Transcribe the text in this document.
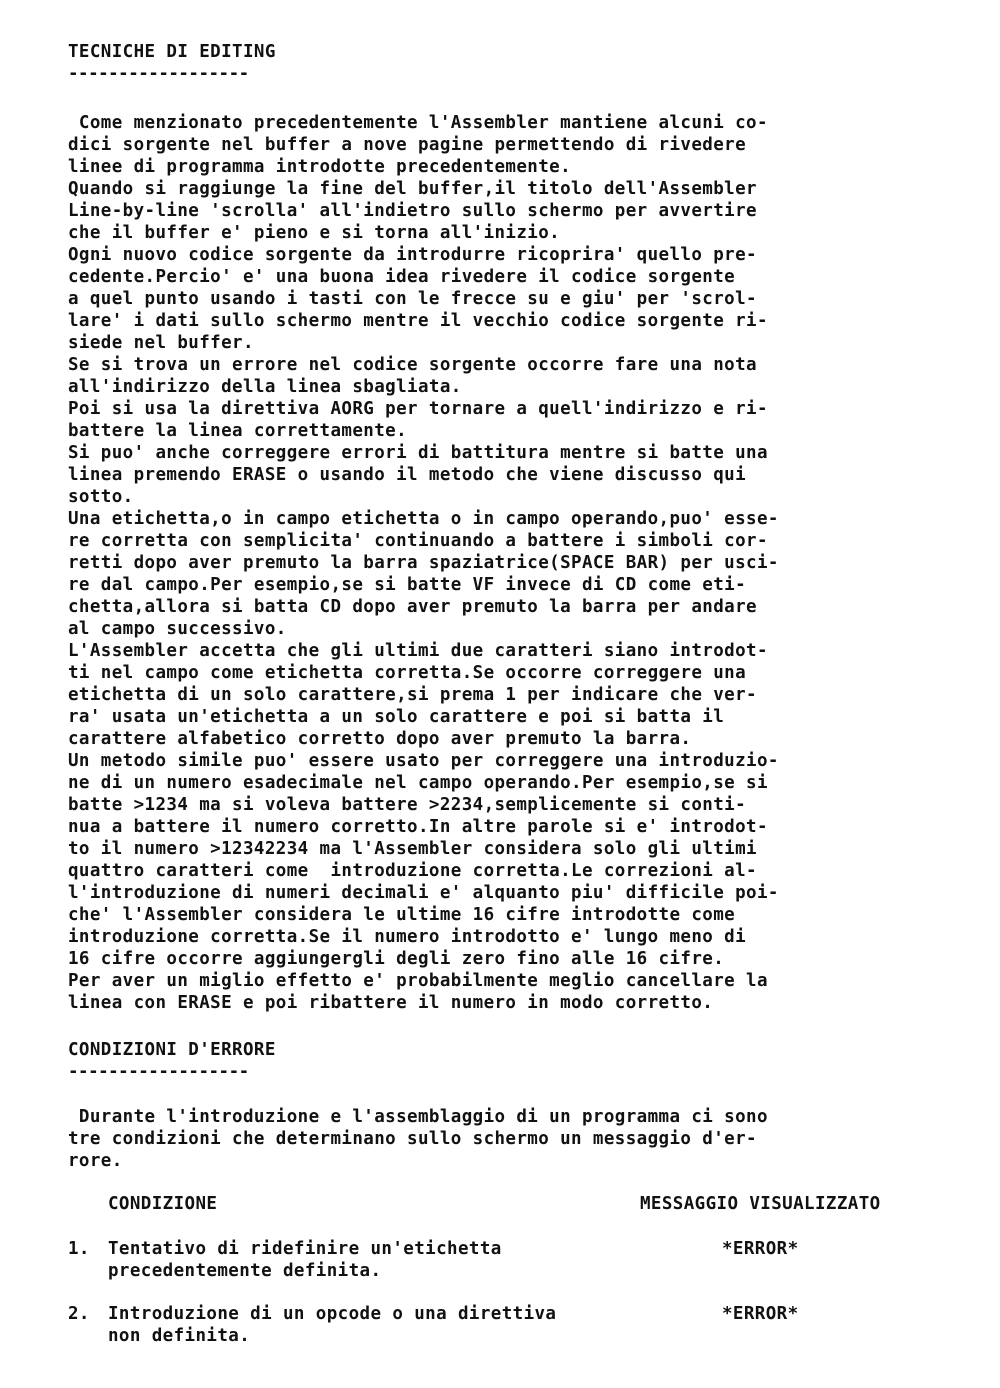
TECNICHE DI EDITING
------------------
Come menzionato precedentemente l'Assembler mantiene alcuni co-
dici sorgente nel buffer a nove pagine permettendo di rivedere
linee di programma introdotte precedentemente.
Quando si raggiunge la fine del buffer,il titolo dell'Assembler
Line-by-line 'scrolla' all'indietro sullo schermo per avvertire
che il buffer e' pieno e si torna all'inizio.
Ogni nuovo codice sorgente da introdurre ricoprira' quello pre-
cedente.Percio' e' una buona idea rivedere il codice sorgente
a quel punto usando i tasti con le frecce su e giu' per 'scrol-
lare' i dati sullo schermo mentre il vecchio codice sorgente ri-
siede nel buffer.
Se si trova un errore nel codice sorgente occorre fare una nota
all'indirizzo della linea sbagliata.
Poi si usa la direttiva AORG per tornare a quell'indirizzo e ri-
battere la linea correttamente.
Si puo' anche correggere errori di battitura mentre si batte una
linea premendo ERASE o usando il metodo che viene discusso qui
sotto.
Una etichetta,o in campo etichetta o in campo operando,puo' esse-
re corretta con semplicita' continuando a battere i simboli cor-
retti dopo aver premuto la barra spaziatrice(SPACE BAR) per usci-
re dal campo.Per esempio,se si batte VF invece di CD come eti-
chetta,allora si batta CD dopo aver premuto la barra per andare
al campo successivo.
L'Assembler accetta che gli ultimi due caratteri siano introdot-
ti nel campo come etichetta corretta.Se occorre correggere una
etichetta di un solo carattere,si prema 1 per indicare che ver-
ra' usata un'etichetta a un solo carattere e poi si batta il
carattere alfabetico corretto dopo aver premuto la barra.
Un metodo simile puo' essere usato per correggere una introduzio-
ne di un numero esadecimale nel campo operando.Per esempio,se si
batte >1234 ma si voleva battere >2234,semplicemente si conti-
nua a battere il numero corretto.In altre parole si e' introdot-
to il numero >12342234 ma l'Assembler considera solo gli ultimi
quattro caratteri come  introduzione corretta.Le correzioni al-
l'introduzione di numeri decimali e' alquanto piu' difficile poi-
che' l'Assembler considera le ultime 16 cifre introdotte come
introduzione corretta.Se il numero introdotto e' lungo meno di
16 cifre occorre aggiungergli degli zero fino alle 16 cifre.
Per aver un miglio effetto e' probabilmente meglio cancellare la
linea con ERASE e poi ribattere il numero in modo corretto.
CONDIZIONI D'ERRORE
------------------
Durante l'introduzione e l'assemblaggio di un programma ci sono
tre condizioni che determinano sullo schermo un messaggio d'er-
rore.
CONDIZIONE	MESSAGGIO VISUALIZZATO
1. Tentativo di ridefinire un'etichetta
precedentemente definita.
*ERROR*
2. Introduzione di un opcode o una direttiva
non definita.
*ERROR*
